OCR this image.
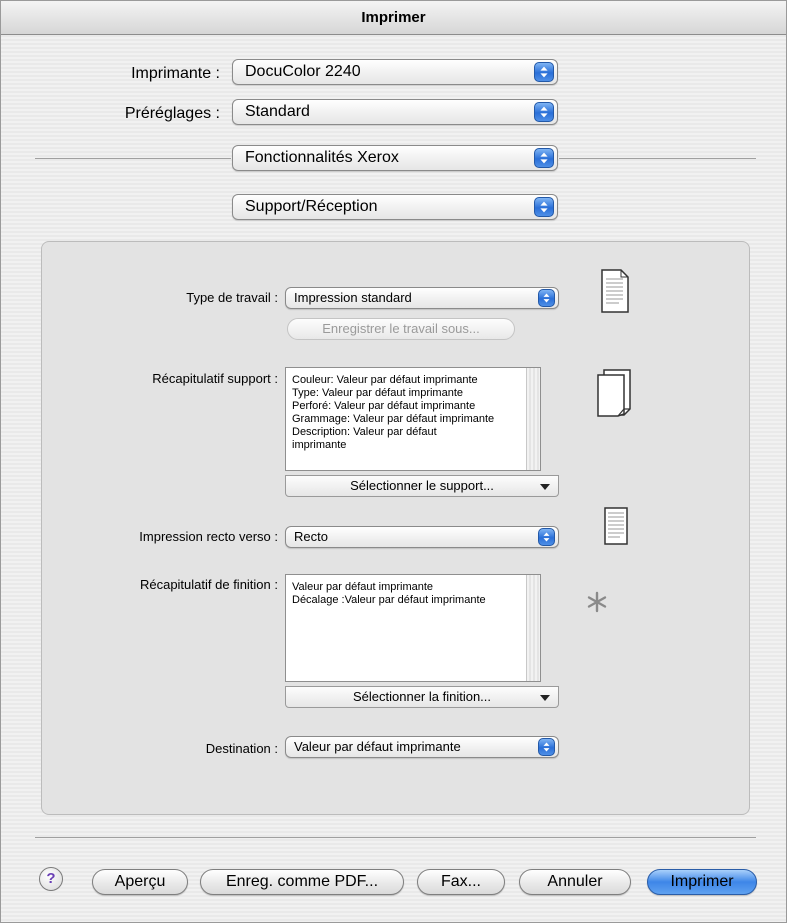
Imprimer
Imprimante :	DocuColor 2240
Préréglages :	Standard
Fonctionnalités Xerox
Support/Réception
Type de travail :	Impression standard
Enregistrer le travail sous...
Récapitulatif support : Couleur: Valeur par défaut imprimante
Type: Valeur par défaut imprimante
Perforé: Valeur par défaut imprimante
Grammage: Valeur par défaut imprimante
Description: Valeur par défaut
imprimante
Sélectionner le support...
Impression recto verso :	Recto
Récapitulatif de finition : Valeur par défaut imprimante
Décalage :Valeur par défaut imprimante
Sélectionner la finition...
Destination :	Valeur par défaut imprimante
?	Aperçu	Enreg. comme PDF...	Fax...	Annuler	Imprimer
